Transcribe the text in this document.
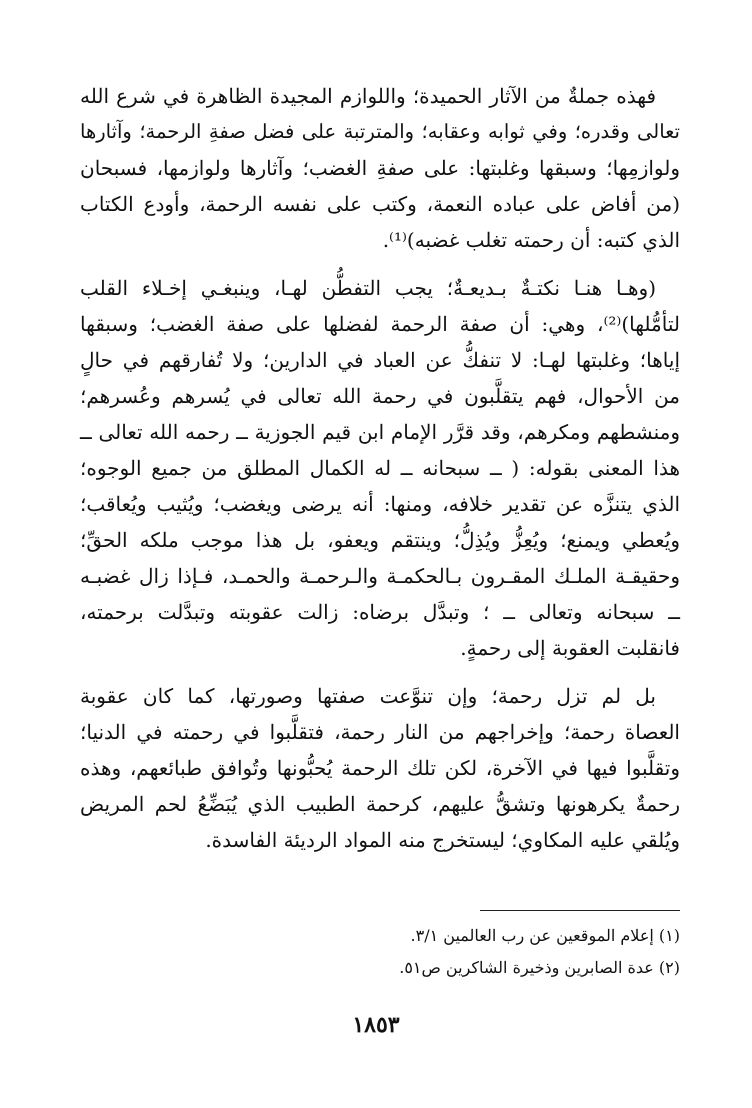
فهذه جملةٌ من الآثار الحميدة؛ واللوازم المجيدة الظاهرة في شرع الله
تعالى وقدره؛ وفي ثوابه وعقابه؛ والمترتبة على فضل صفةِ الرحمة؛ وآثارها
ولوازمِها؛ وسبقها وغلبتها: على صفةِ الغضب؛ وآثارها ولوازمها، فسبحان
(من أفاض على عباده النعمة، وكتب على نفسه الرحمة، وأودع الكتاب
الذي كتبه: أن رحمته تغلب غضبه)⁽¹⁾.
(وهـا هنـا نكتـةٌ بـديعـةٌ؛ يجب التفطُّن لهـا، وينبغـي إخـلاء القلب
لتأمُّلها)⁽²⁾، وهي: أن صفة الرحمة لفضلها على صفة الغضب؛ وسبقها
إياها؛ وغلبتها لهـا: لا تنفكُّ عن العباد في الدارين؛ ولا تُفارقهم في حالٍ
من الأحوال، فهم يتقلَّبون في رحمة الله تعالى في يُسرهم وعُسرهم؛
ومنشطهم ومكرهم، وقد قرَّر الإمام ابن قيم الجوزية ــ رحمه الله تعالى ــ
هذا المعنى بقوله: ( ــ سبحانه ــ له الكمال المطلق من جميع الوجوه؛
الذي يتنزَّه عن تقدير خلافه، ومنها: أنه يرضى ويغضب؛ ويُثيب ويُعاقب؛
ويُعطي ويمنع؛ ويُعِزُّ ويُذِلُّ؛ وينتقم ويعفو، بل هذا موجب ملكه الحقِّ؛
وحقيقـة الملـك المقـرون بـالحكمـة والـرحمـة والحمـد، فـإذا زال غضبـه
ــ سبحانه وتعالى ــ ؛ وتبدَّل برضاه: زالت عقوبته وتبدَّلت برحمته،
فانقلبت العقوبة إلى رحمةٍ.
بل لم تزل رحمة؛ وإن تنوَّعت صفتها وصورتها، كما كان عقوبة
العصاة رحمة؛ وإخراجهم من النار رحمة، فتقلَّبوا في رحمته في الدنيا؛
وتقلَّبوا فيها في الآخرة، لكن تلك الرحمة يُحبُّونها وتُوافق طبائعهم، وهذه
رحمةٌ يكرهونها وتشقُّ عليهم، كرحمة الطبيب الذي يُبَضِّعُ لحم المريض
ويُلقي عليه المكاوي؛ ليستخرج منه المواد الرديئة الفاسدة.
(١) إعلام الموقعين عن رب العالمين ٣/١.
(٢) عدة الصابرين وذخيرة الشاكرين ص٥١.
١٨٥٣
